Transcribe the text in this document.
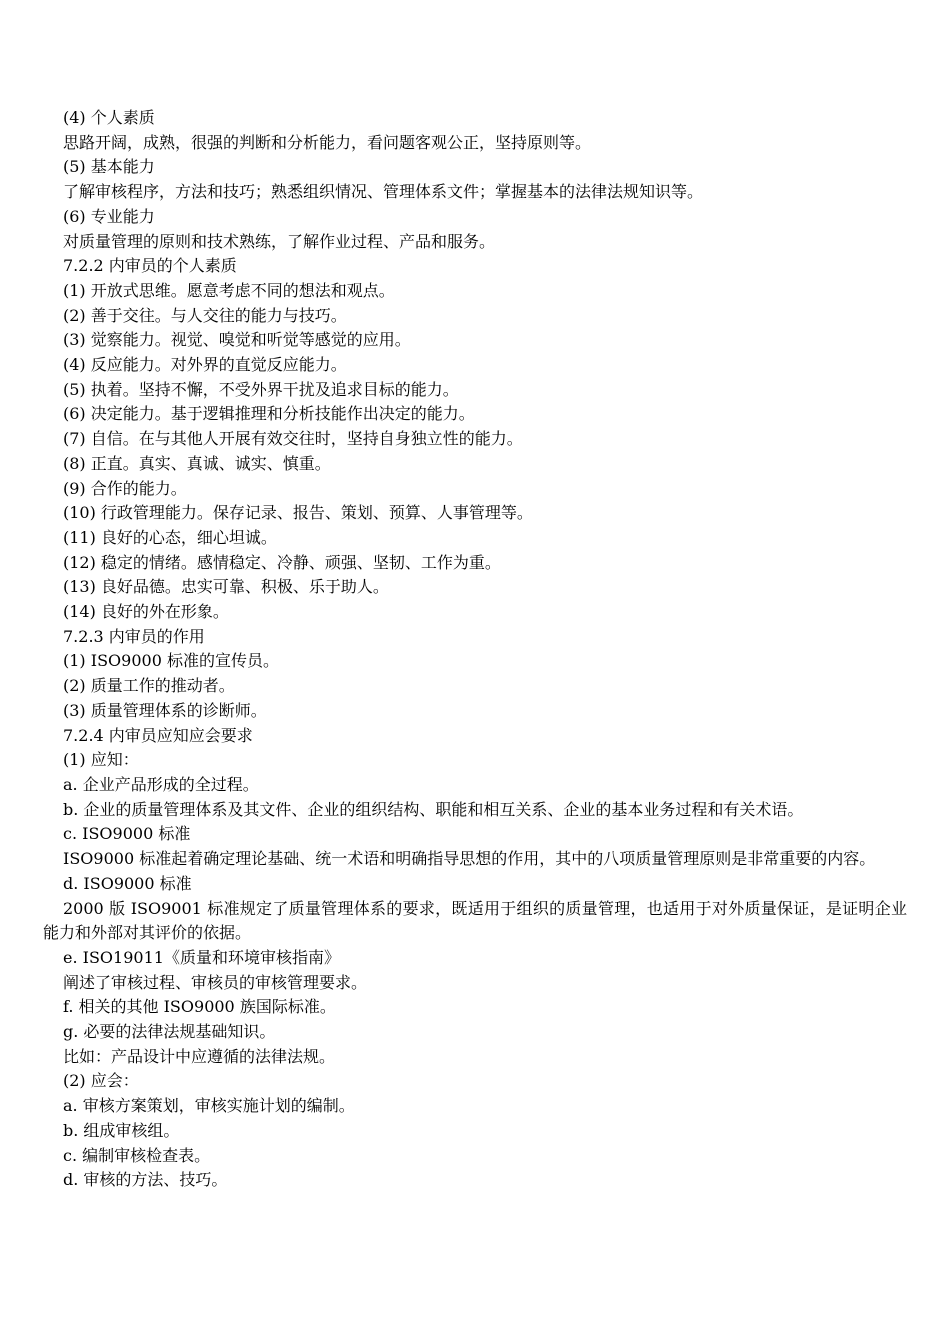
(4) 个人素质

思路开阔，成熟，很强的判断和分析能力，看问题客观公正，坚持原则等。

(5) 基本能力

了解审核程序，方法和技巧；熟悉组织情况、管理体系文件；掌握基本的法律法规知识等。

(6) 专业能力

对质量管理的原则和技术熟练，了解作业过程、产品和服务。

7.2.2 内审员的个人素质

(1) 开放式思维。愿意考虑不同的想法和观点。

(2) 善于交往。与人交往的能力与技巧。

(3) 觉察能力。视觉、嗅觉和听觉等感觉的应用。

(4) 反应能力。对外界的直觉反应能力。

(5) 执着。坚持不懈，不受外界干扰及追求目标的能力。

(6) 决定能力。基于逻辑推理和分析技能作出决定的能力。

(7) 自信。在与其他人开展有效交往时，坚持自身独立性的能力。

(8) 正直。真实、真诚、诚实、慎重。

(9) 合作的能力。

(10) 行政管理能力。保存记录、报告、策划、预算、人事管理等。

(11) 良好的心态，细心坦诚。

(12) 稳定的情绪。感情稳定、冷静、顽强、坚韧、工作为重。

(13) 良好品德。忠实可靠、积极、乐于助人。

(14) 良好的外在形象。

7.2.3 内审员的作用

(1) ISO9000 标准的宣传员。

(2) 质量工作的推动者。

(3) 质量管理体系的诊断师。

7.2.4 内审员应知应会要求

(1) 应知：

a. 企业产品形成的全过程。

b. 企业的质量管理体系及其文件、企业的组织结构、职能和相互关系、企业的基本业务过程和有关术语。

c. ISO9000 标准

ISO9000 标准起着确定理论基础、统一术语和明确指导思想的作用，其中的八项质量管理原则是非常重要的内容。

d. ISO9000 标准

2000 版 ISO9001 标准规定了质量管理体系的要求，既适用于组织的质量管理，也适用于对外质量保证，是证明企业能力和外部对其评价的依据。

e. ISO19011《质量和环境审核指南》

阐述了审核过程、审核员的审核管理要求。

f. 相关的其他 ISO9000 族国际标准。

g. 必要的法律法规基础知识。

比如：产品设计中应遵循的法律法规。

(2) 应会：

a. 审核方案策划，审核实施计划的编制。

b. 组成审核组。

c. 编制审核检查表。

d. 审核的方法、技巧。
